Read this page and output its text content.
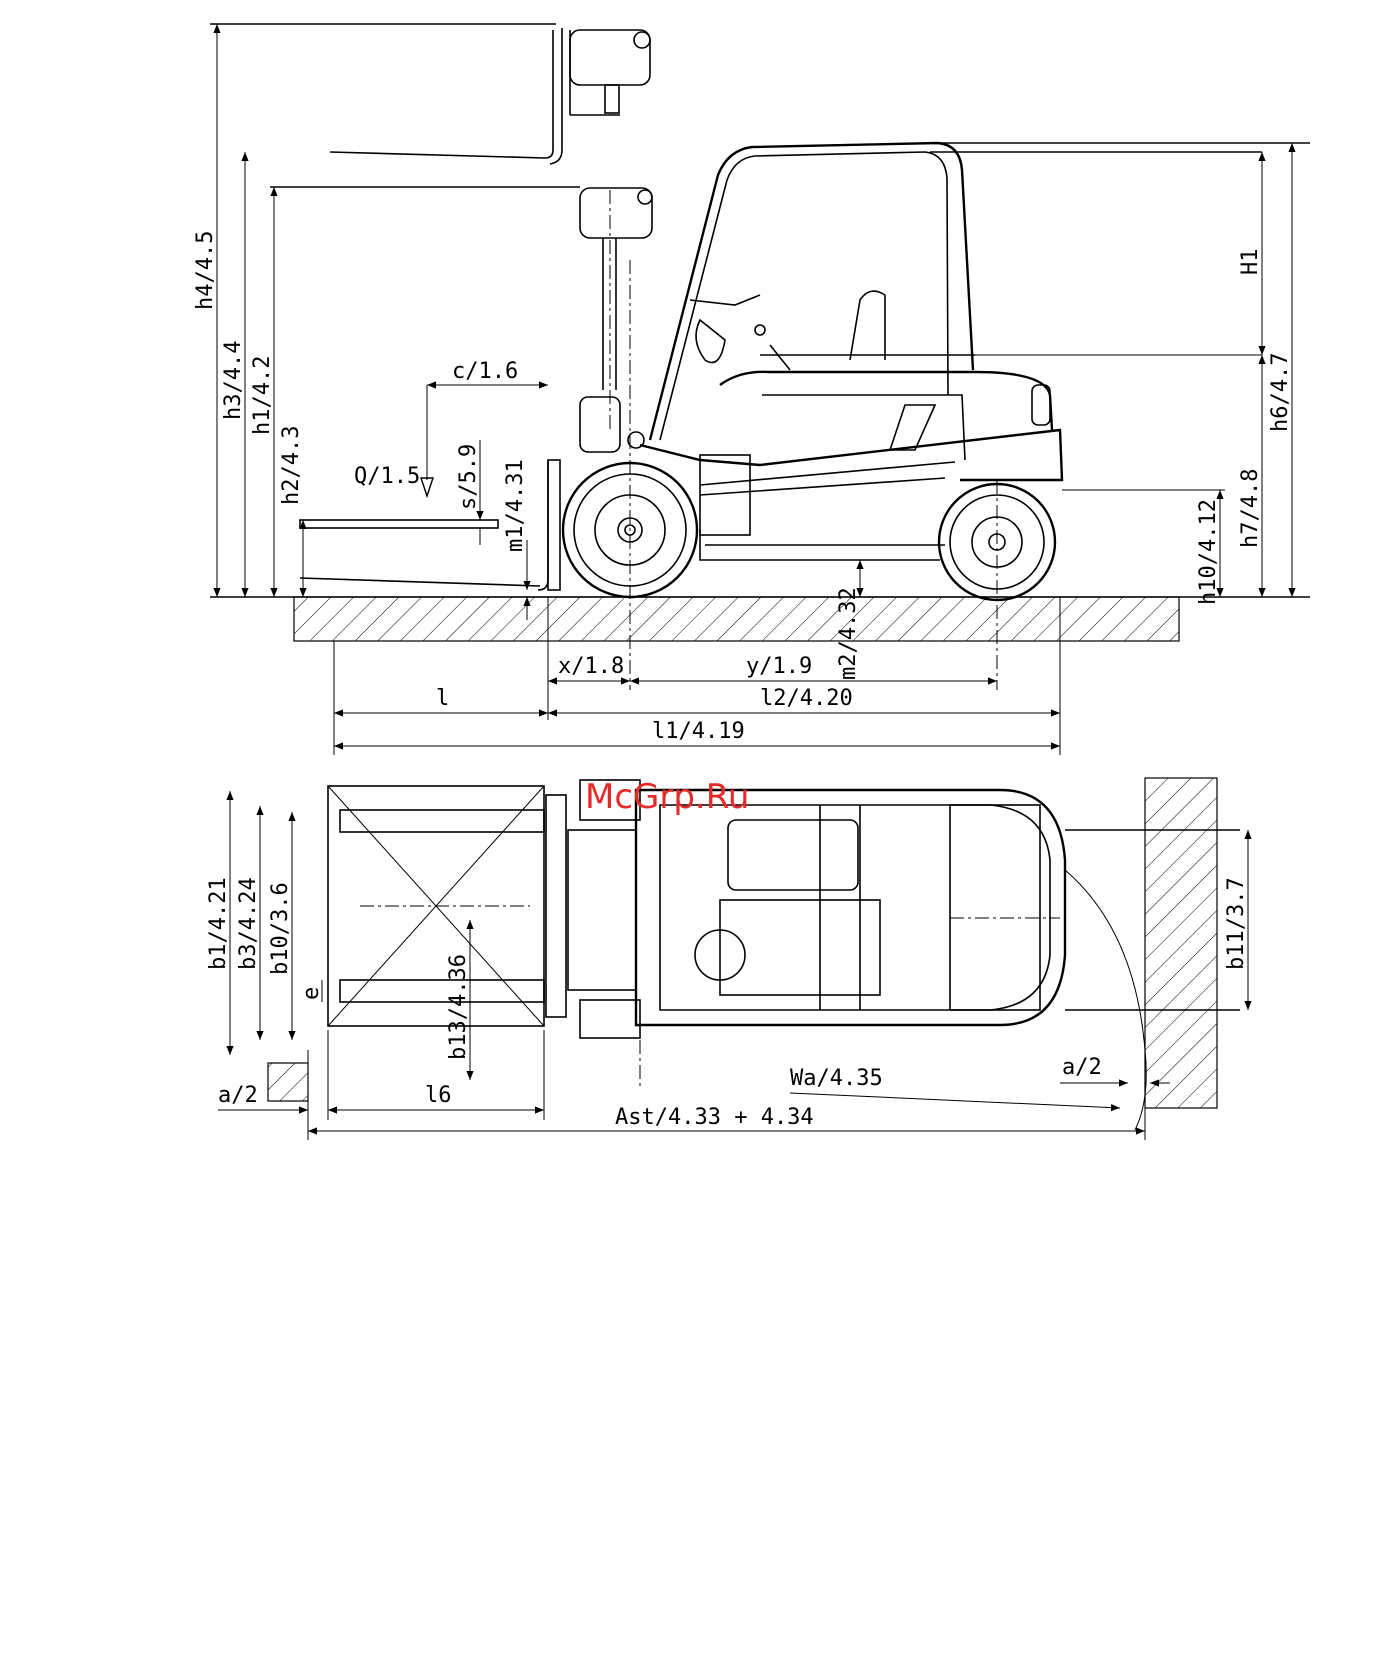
h4/4.5
h3/4.4 h1/4.2
h2/4.3
c/1.6
Q/1.5 s/5.9 m1/4.31
m2/4.32
x/1.8	y/1.9
l	l2/4.20
l1/4.19
H1
h6/4.7
h7/4.8
h10/4.12
b1/4.21 b3/4.24 b10/3.6
e	b13/4.36
b11/3.7
a/2	l6
Wa/4.35	a/2
Ast/4.33 + 4.34
McGrp.Ru
